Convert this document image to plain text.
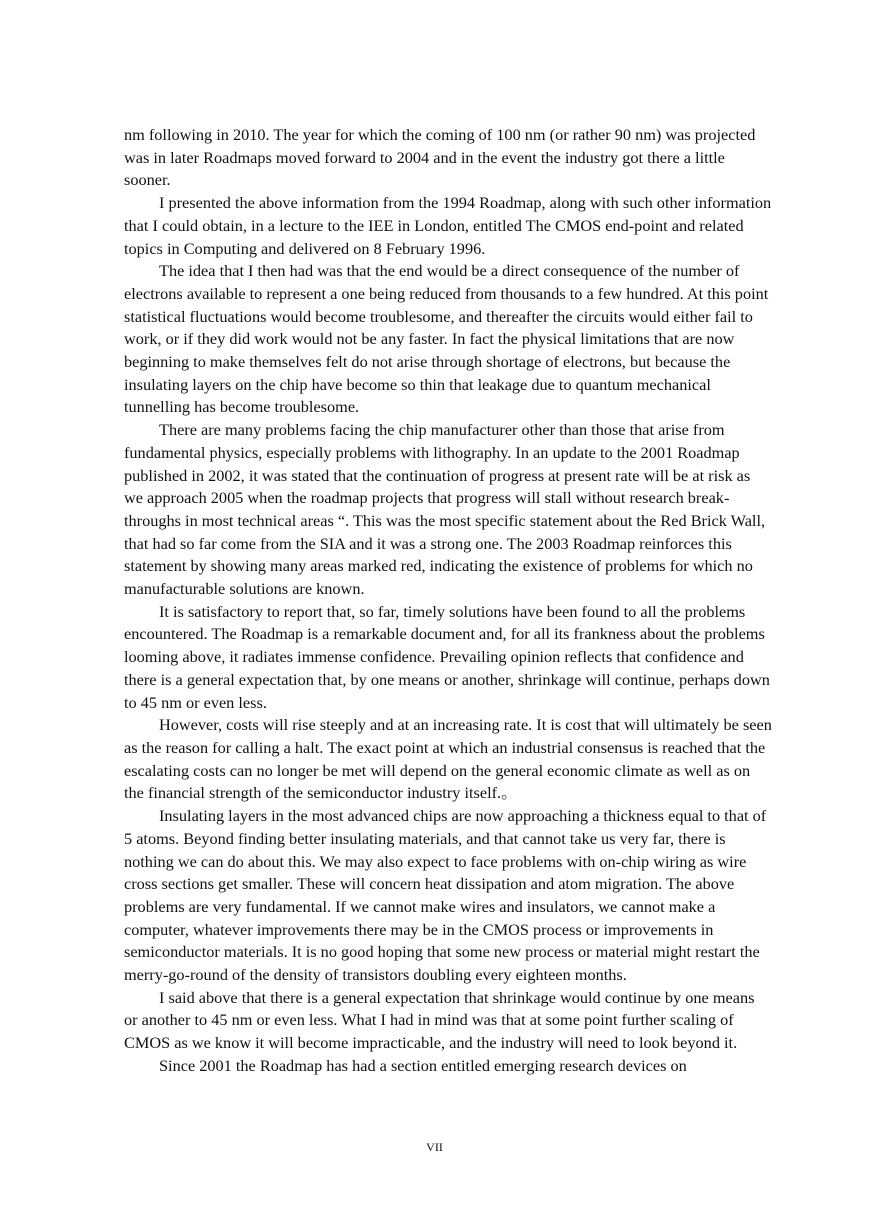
nm following in 2010. The year for which the coming of 100 nm (or rather 90 nm) was projected was in later Roadmaps moved forward to 2004 and in the event the industry got there a little sooner.

I presented the above information from the 1994 Roadmap, along with such other information that I could obtain, in a lecture to the IEE in London, entitled The CMOS end-point and related topics in Computing and delivered on 8 February 1996.

The idea that I then had was that the end would be a direct consequence of the number of electrons available to represent a one being reduced from thousands to a few hundred. At this point statistical fluctuations would become troublesome, and thereafter the circuits would either fail to work, or if they did work would not be any faster. In fact the physical limitations that are now beginning to make themselves felt do not arise through shortage of electrons, but because the insulating layers on the chip have become so thin that leakage due to quantum mechanical tunnelling has become troublesome.

There are many problems facing the chip manufacturer other than those that arise from fundamental physics, especially problems with lithography. In an update to the 2001 Roadmap published in 2002, it was stated that the continuation of progress at present rate will be at risk as we approach 2005 when the roadmap projects that progress will stall without research break-throughs in most technical areas “. This was the most specific statement about the Red Brick Wall, that had so far come from the SIA and it was a strong one. The 2003 Roadmap reinforces this statement by showing many areas marked red, indicating the existence of problems for which no manufacturable solutions are known.

It is satisfactory to report that, so far, timely solutions have been found to all the problems encountered. The Roadmap is a remarkable document and, for all its frankness about the problems looming above, it radiates immense confidence. Prevailing opinion reflects that confidence and there is a general expectation that, by one means or another, shrinkage will continue, perhaps down to 45 nm or even less.

However, costs will rise steeply and at an increasing rate. It is cost that will ultimately be seen as the reason for calling a halt. The exact point at which an industrial consensus is reached that the escalating costs can no longer be met will depend on the general economic climate as well as on the financial strength of the semiconductor industry itself.。

Insulating layers in the most advanced chips are now approaching a thickness equal to that of 5 atoms. Beyond finding better insulating materials, and that cannot take us very far, there is nothing we can do about this. We may also expect to face problems with on-chip wiring as wire cross sections get smaller. These will concern heat dissipation and atom migration. The above problems are very fundamental. If we cannot make wires and insulators, we cannot make a computer, whatever improvements there may be in the CMOS process or improvements in semiconductor materials. It is no good hoping that some new process or material might restart the merry-go-round of the density of transistors doubling every eighteen months.

I said above that there is a general expectation that shrinkage would continue by one means or another to 45 nm or even less. What I had in mind was that at some point further scaling of CMOS as we know it will become impracticable, and the industry will need to look beyond it.

Since 2001 the Roadmap has had a section entitled emerging research devices on

VII
